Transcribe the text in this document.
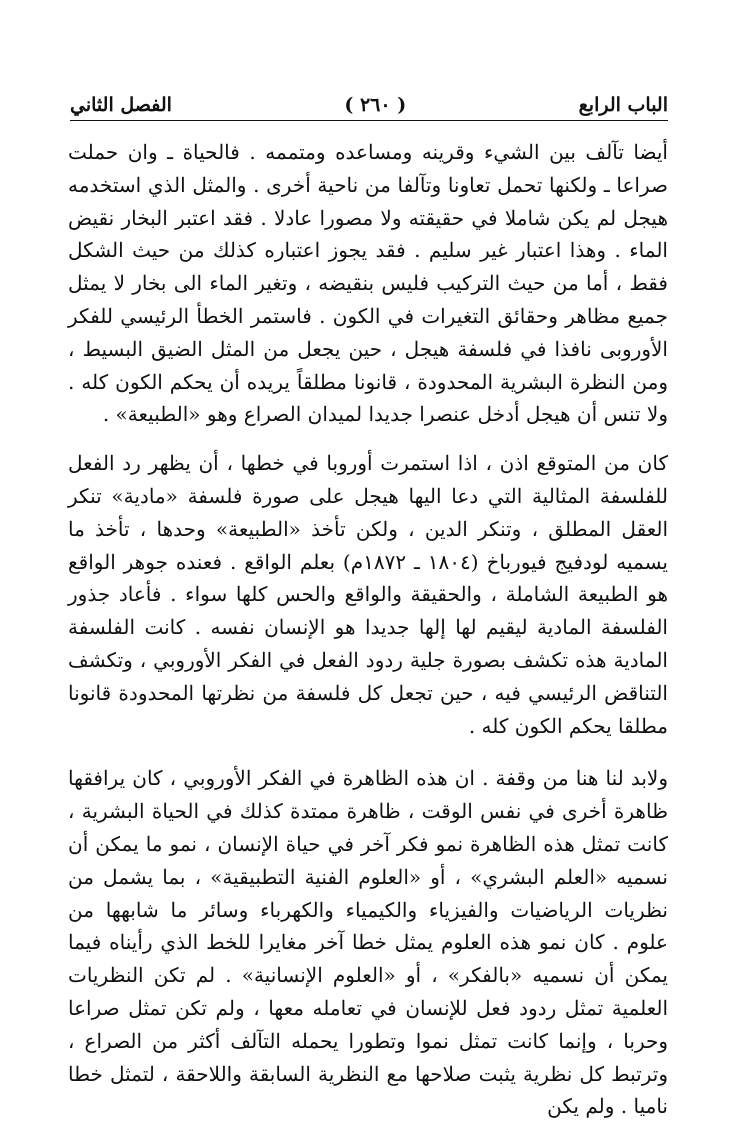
الباب الرابع
( ٢٦٠ )
الفصل الثاني

أيضا تآلف بين الشيء وقرينه ومساعده ومتممه . فالحياة ـ وان حملت صراعا ـ ولكنها تحمل تعاونا وتآلفا من ناحية أخرى . والمثل الذي استخدمه هيجل لم يكن شاملا في حقيقته ولا مصورا عادلا . فقد اعتبر البخار نقيض الماء . وهذا اعتبار غير سليم . فقد يجوز اعتباره كذلك من حيث الشكل فقط ، أما من حيث التركيب فليس بنقيضه ، وتغير الماء الى بخار لا يمثل جميع مظاهر وحقائق التغيرات في الكون . فاستمر الخطأ الرئيسي للفكر الأوروبى نافذا في فلسفة هيجل ، حين يجعل من المثل الضيق البسيط ، ومن النظرة البشرية المحدودة ، قانونا مطلقاً يريده أن يحكم الكون كله . ولا تنس أن هيجل أدخل عنصرا جديدا لميدان الصراع وهو «الطبيعة» .

كان من المتوقع اذن ، اذا استمرت أوروبا في خطها ، أن يظهر رد الفعل للفلسفة المثالية التي دعا اليها هيجل على صورة فلسفة «مادية» تنكر العقل المطلق ، وتنكر الدين ، ولكن تأخذ «الطبيعة» وحدها ، تأخذ ما يسميه لودفيج فيورباخ (١٨٠٤ ـ ١٨٧٢م) بعلم الواقع . فعنده جوهر الواقع هو الطبيعة الشاملة ، والحقيقة والواقع والحس كلها سواء . فأعاد جذور الفلسفة المادية ليقيم لها إلها جديدا هو الإنسان نفسه . كانت الفلسفة المادية هذه تكشف بصورة جلية ردود الفعل في الفكر الأوروبي ، وتكشف التناقض الرئيسي فيه ، حين تجعل كل فلسفة من نظرتها المحدودة قانونا مطلقا يحكم الكون كله .

ولابد لنا هنا من وقفة . ان هذه الظاهرة في الفكر الأوروبي ، كان يرافقها ظاهرة أخرى في نفس الوقت ، ظاهرة ممتدة كذلك في الحياة البشرية ، كانت تمثل هذه الظاهرة نمو فكر آخر في حياة الإنسان ، نمو ما يمكن أن نسميه «العلم البشري» ، أو «العلوم الفنية التطبيقية» ، بما يشمل من نظريات الرياضيات والفيزياء والكيمياء والكهرباء وسائر ما شابهها من علوم . كان نمو هذه العلوم يمثل خطا آخر مغايرا للخط الذي رأيناه فيما يمكن أن نسميه «بالفكر» ، أو «العلوم الإنسانية» . لم تكن النظريات العلمية تمثل ردود فعل للإنسان في تعامله معها ، ولم تكن تمثل صراعا وحربا ، وإنما كانت تمثل نموا وتطورا يحمله التآلف أكثر من الصراع ، وترتبط كل نظرية يثبت صلاحها مع النظرية السابقة واللاحقة ، لتمثل خطا ناميا . ولم يكن
